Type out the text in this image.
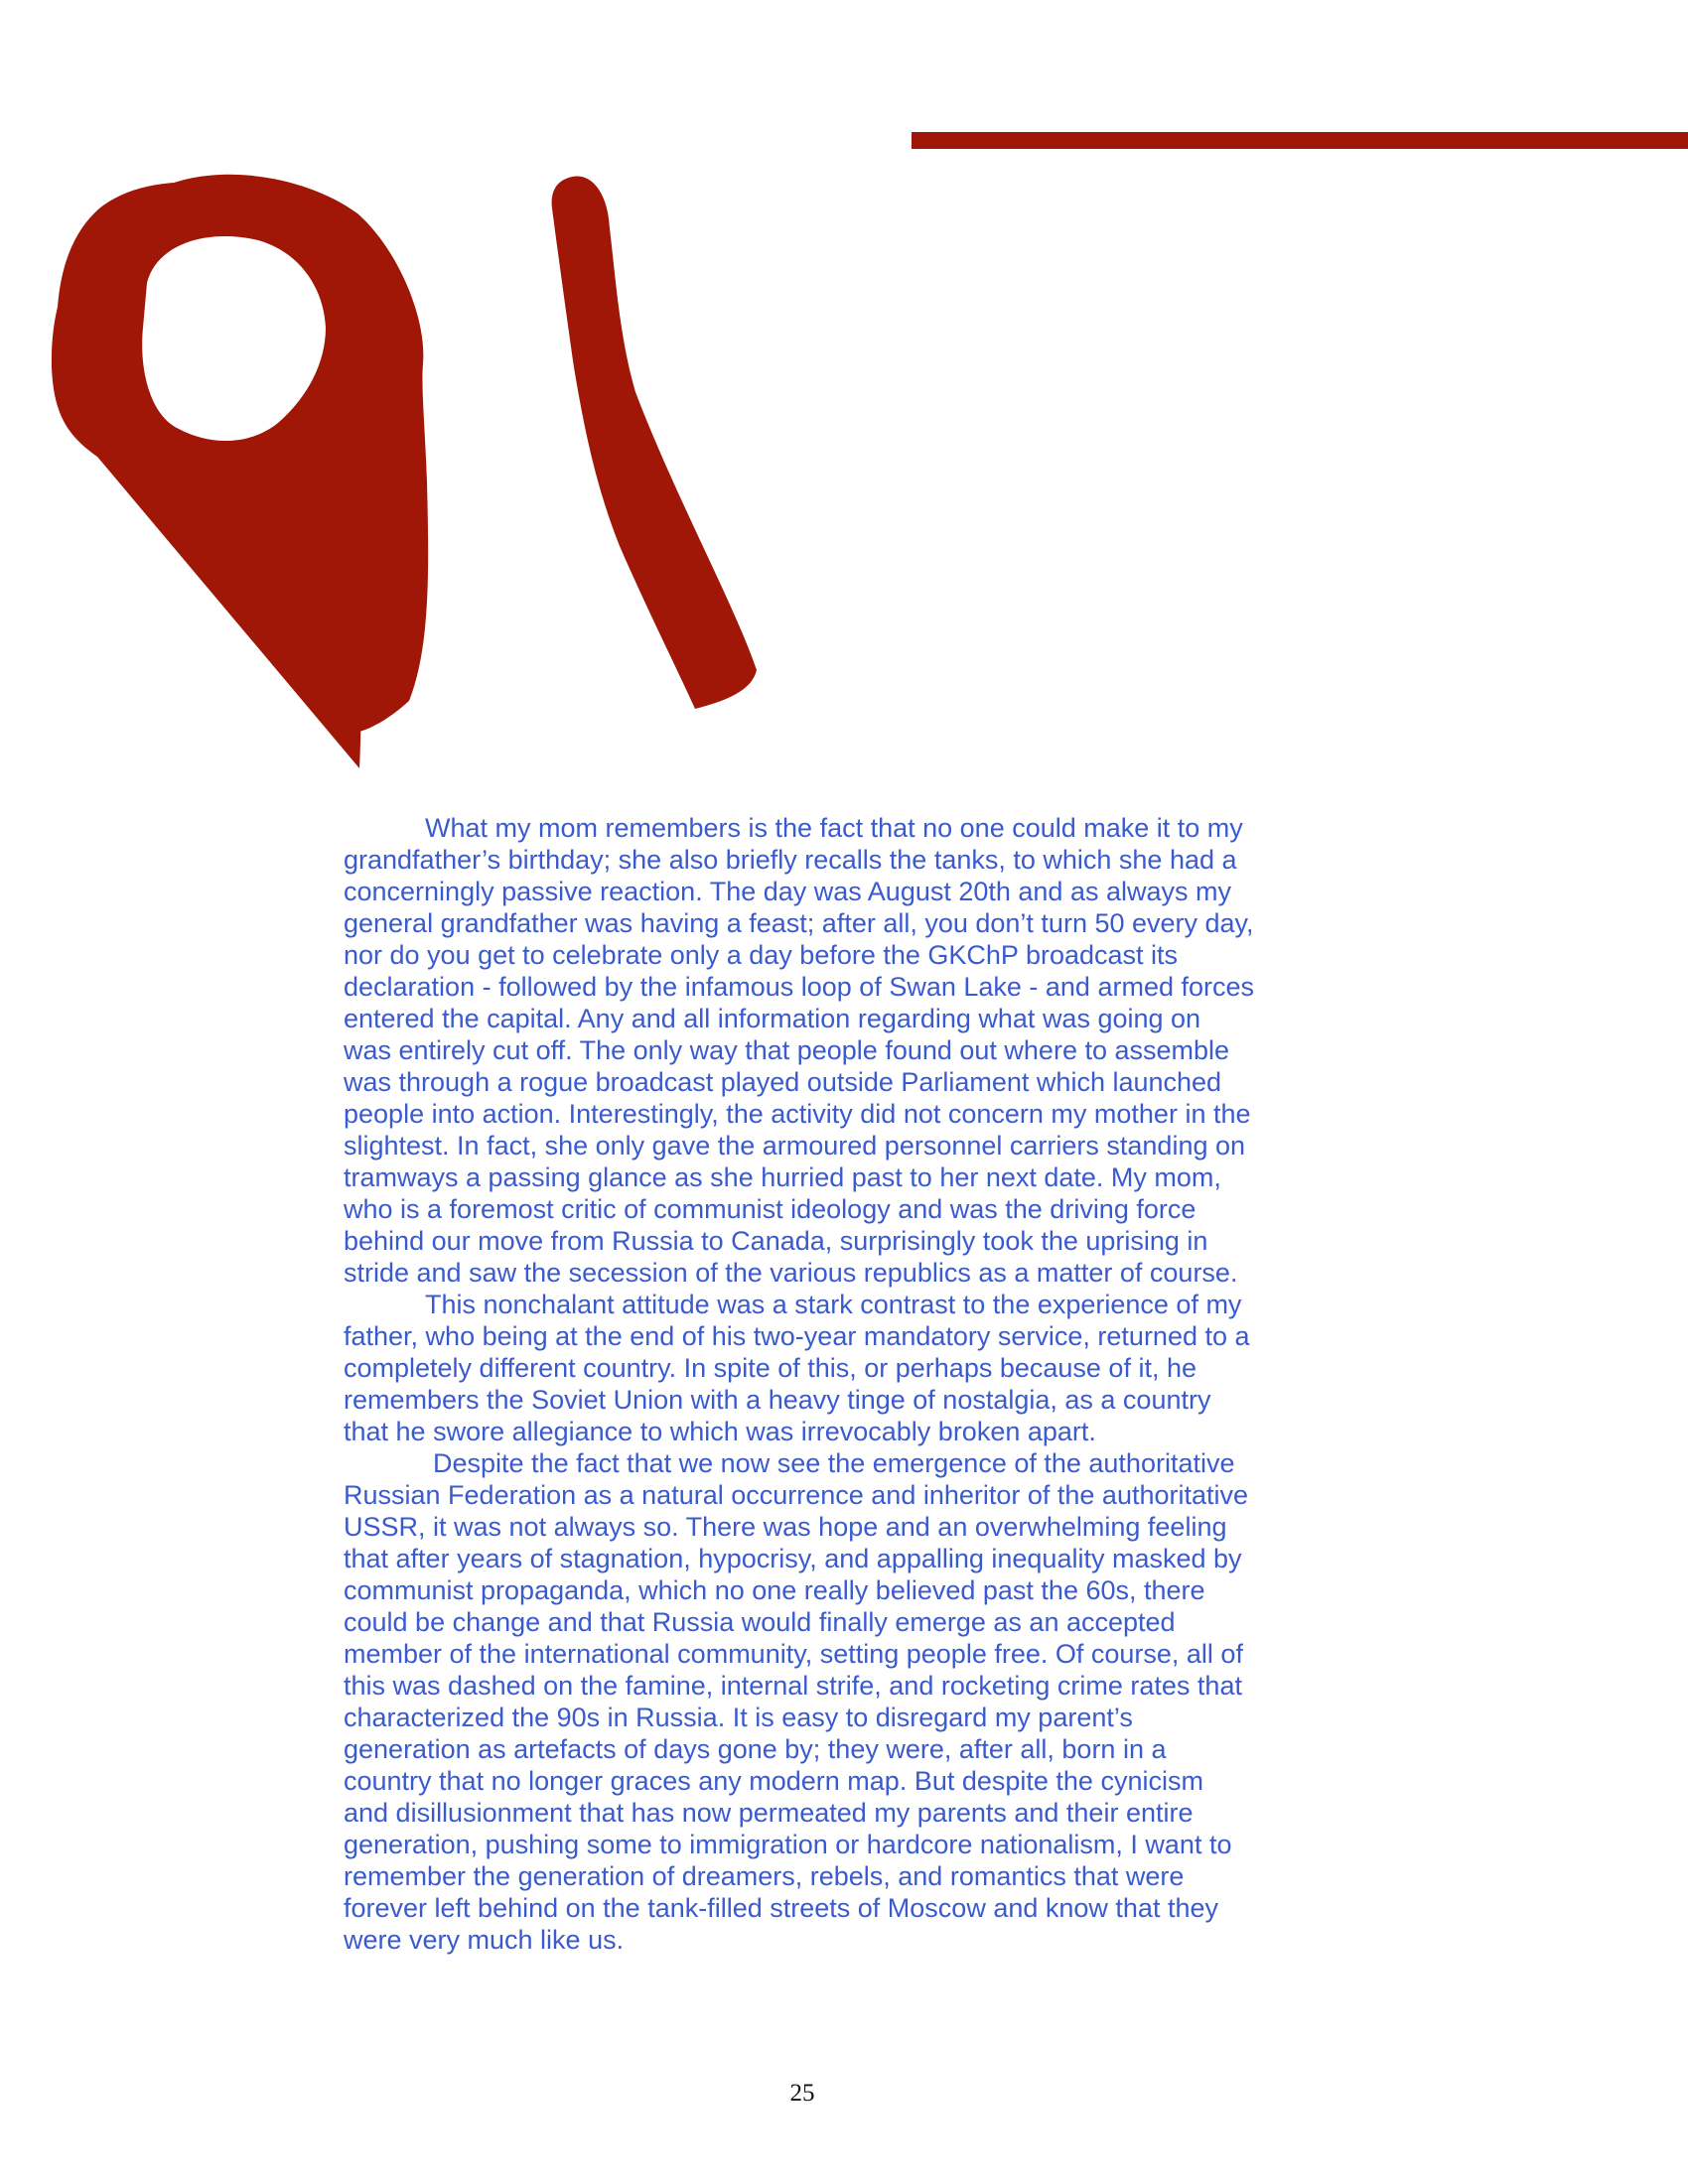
What my mom remembers is the fact that no one could make it to my
grandfather’s birthday; she also briefly recalls the tanks, to which she had a
concerningly passive reaction. The day was August 20th and as always my
general grandfather was having a feast; after all, you don’t turn 50 every day,
nor do you get to celebrate only a day before the GKChP broadcast its
declaration - followed by the infamous loop of Swan Lake - and armed forces
entered the capital. Any and all information regarding what was going on
was entirely cut off. The only way that people found out where to assemble
was through a rogue broadcast played outside Parliament which launched
people into action. Interestingly, the activity did not concern my mother in the
slightest. In fact, she only gave the armoured personnel carriers standing on
tramways a passing glance as she hurried past to her next date. My mom,
who is a foremost critic of communist ideology and was the driving force
behind our move from Russia to Canada, surprisingly took the uprising in
stride and saw the secession of the various republics as a matter of course.

This nonchalant attitude was a stark contrast to the experience of my
father, who being at the end of his two-year mandatory service, returned to a
completely different country. In spite of this, or perhaps because of it, he
remembers the Soviet Union with a heavy tinge of nostalgia, as a country
that he swore allegiance to which was irrevocably broken apart.

Despite the fact that we now see the emergence of the authoritative
Russian Federation as a natural occurrence and inheritor of the authoritative
USSR, it was not always so. There was hope and an overwhelming feeling
that after years of stagnation, hypocrisy, and appalling inequality masked by
communist propaganda, which no one really believed past the 60s, there
could be change and that Russia would finally emerge as an accepted
member of the international community, setting people free. Of course, all of
this was dashed on the famine, internal strife, and rocketing crime rates that
characterized the 90s in Russia. It is easy to disregard my parent’s
generation as artefacts of days gone by; they were, after all, born in a
country that no longer graces any modern map. But despite the cynicism
and disillusionment that has now permeated my parents and their entire
generation, pushing some to immigration or hardcore nationalism, I want to
remember the generation of dreamers, rebels, and romantics that were
forever left behind on the tank-filled streets of Moscow and know that they
were very much like us.

25
